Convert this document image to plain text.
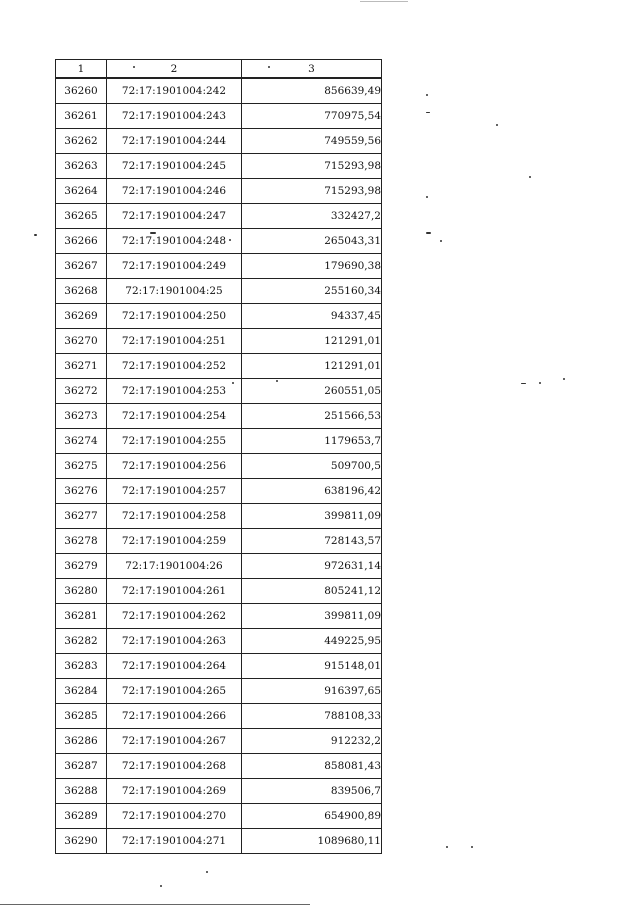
1	2	3
36260	72:17:1901004:242	856639,49
36261	72:17:1901004:243	770975,54
36262	72:17:1901004:244	749559,56
36263	72:17:1901004:245	715293,98
36264	72:17:1901004:246	715293,98
36265	72:17:1901004:247	332427,2
36266	72:17:1901004:248	265043,31
36267	72:17:1901004:249	179690,38
36268	72:17:1901004:25	255160,34
36269	72:17:1901004:250	94337,45
36270	72:17:1901004:251	121291,01
36271	72:17:1901004:252	121291,01
36272	72:17:1901004:253	260551,05
36273	72:17:1901004:254	251566,53
36274	72:17:1901004:255	1179653,7
36275	72:17:1901004:256	509700,5
36276	72:17:1901004:257	638196,42
36277	72:17:1901004:258	399811,09
36278	72:17:1901004:259	728143,57
36279	72:17:1901004:26	972631,14
36280	72:17:1901004:261	805241,12
36281	72:17:1901004:262	399811,09
36282	72:17:1901004:263	449225,95
36283	72:17:1901004:264	915148,01
36284	72:17:1901004:265	916397,65
36285	72:17:1901004:266	788108,33
36286	72:17:1901004:267	912232,2
36287	72:17:1901004:268	858081,43
36288	72:17:1901004:269	839506,7
36289	72:17:1901004:270	654900,89
36290	72:17:1901004:271	1089680,11
